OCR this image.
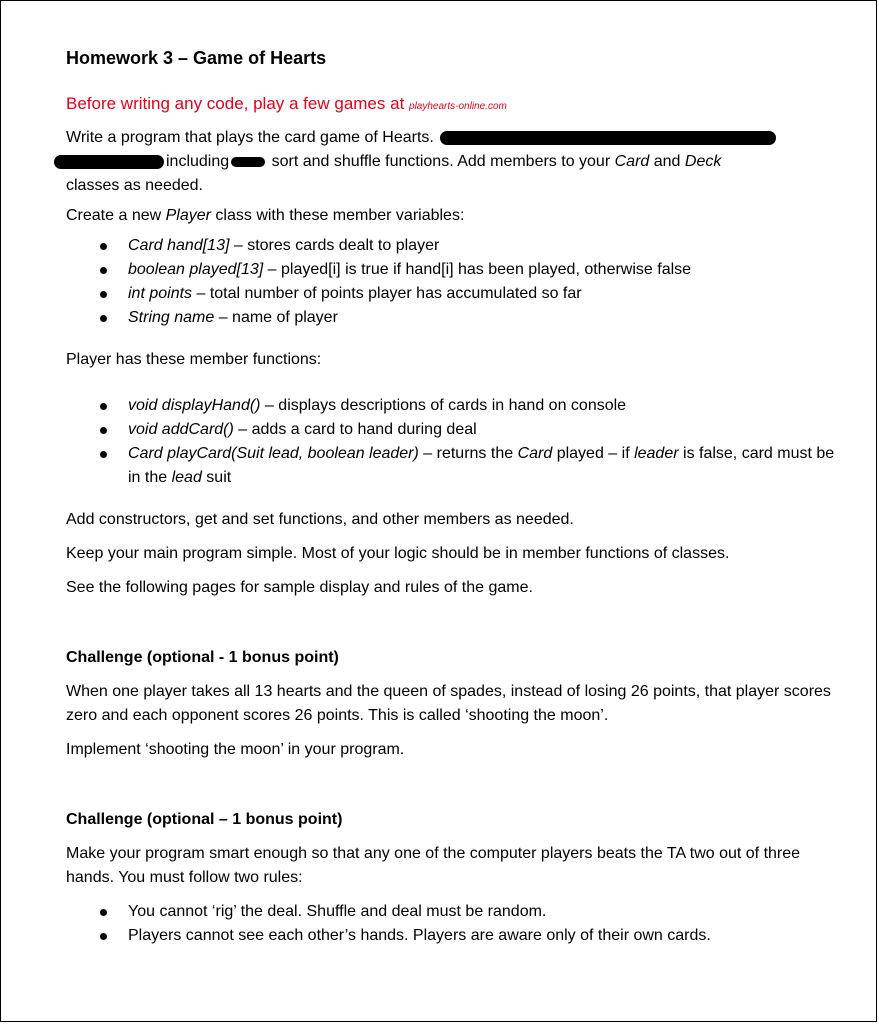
Homework 3 – Game of Hearts

Before writing any code, play a few games at playhearts-online.com

Write a program that plays the card game of Hearts.
including sort and shuffle functions. Add members to your Card and Deck
classes as needed.

Create a new Player class with these member variables:

Card hand[13] – stores cards dealt to player
boolean played[13] – played[i] is true if hand[i] has been played, otherwise false
int points – total number of points player has accumulated so far
String name – name of player

Player has these member functions:

void displayHand() – displays descriptions of cards in hand on console
void addCard() – adds a card to hand during deal
Card playCard(Suit lead, boolean leader) – returns the Card played – if leader is false, card must be in the lead suit

Add constructors, get and set functions, and other members as needed.

Keep your main program simple. Most of your logic should be in member functions of classes.

See the following pages for sample display and rules of the game.

Challenge (optional - 1 bonus point)

When one player takes all 13 hearts and the queen of spades, instead of losing 26 points, that player scores zero and each opponent scores 26 points. This is called ‘shooting the moon’.

Implement ‘shooting the moon’ in your program.

Challenge (optional – 1 bonus point)

Make your program smart enough so that any one of the computer players beats the TA two out of three hands. You must follow two rules:

You cannot ‘rig’ the deal. Shuffle and deal must be random.
Players cannot see each other’s hands. Players are aware only of their own cards.
